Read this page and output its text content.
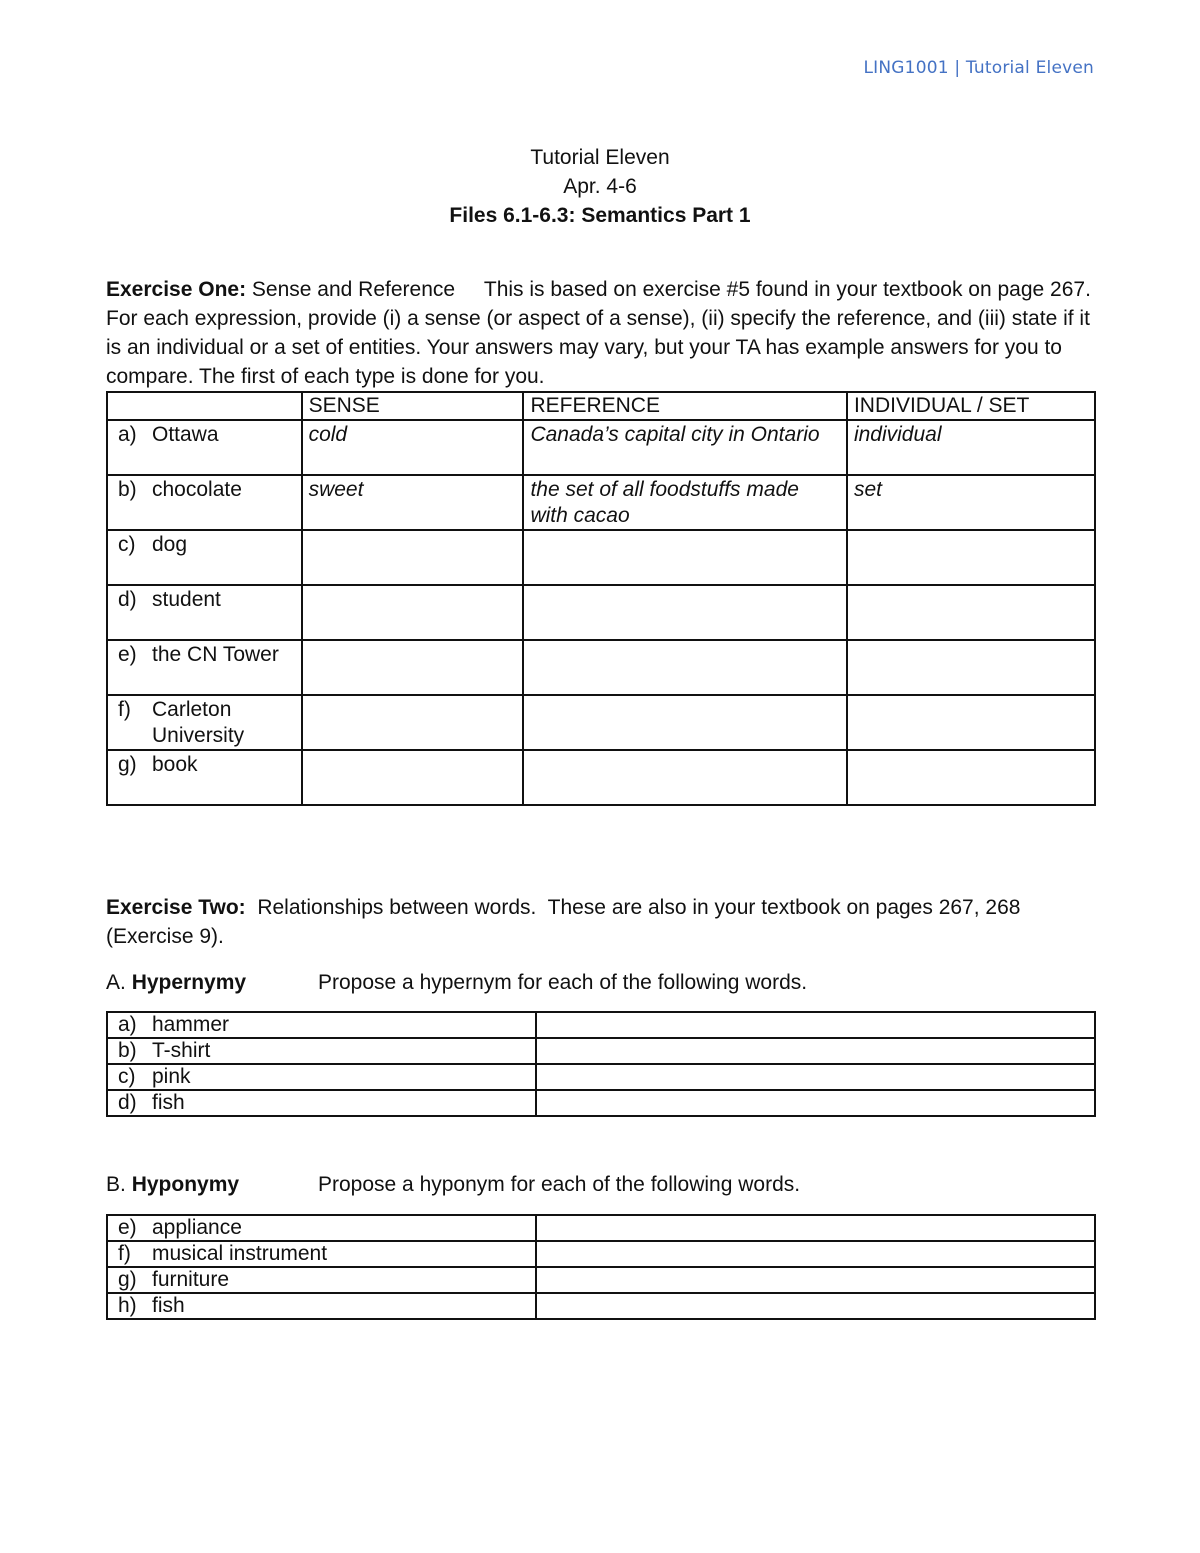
LING1001 | Tutorial Eleven
Tutorial Eleven
Apr. 4-6
Files 6.1-6.3: Semantics Part 1
Exercise One: Sense and Reference     This is based on exercise #5 found in your textbook on page 267. For each expression, provide (i) a sense (or aspect of a sense), (ii) specify the reference, and (iii) state if it is an individual or a set of entities. Your answers may vary, but your TA has example answers for you to compare. The first of each type is done for you.
	SENSE	REFERENCE	INDIVIDUAL / SET
a) Ottawa	cold	Canada’s capital city in Ontario	individual
b) chocolate	sweet	the set of all foodstuffs made with cacao	set
c) dog			
d) student			
e) the CN Tower			
f) Carleton University			
g) book			
Exercise Two:  Relationships between words.  These are also in your textbook on pages 267, 268 (Exercise 9).
A. Hypernymy	Propose a hypernym for each of the following words.
a) hammer	
b) T-shirt	
c) pink	
d) fish	
B. Hyponymy	Propose a hyponym for each of the following words.
e) appliance	
f) musical instrument	
g) furniture	
h) fish	
